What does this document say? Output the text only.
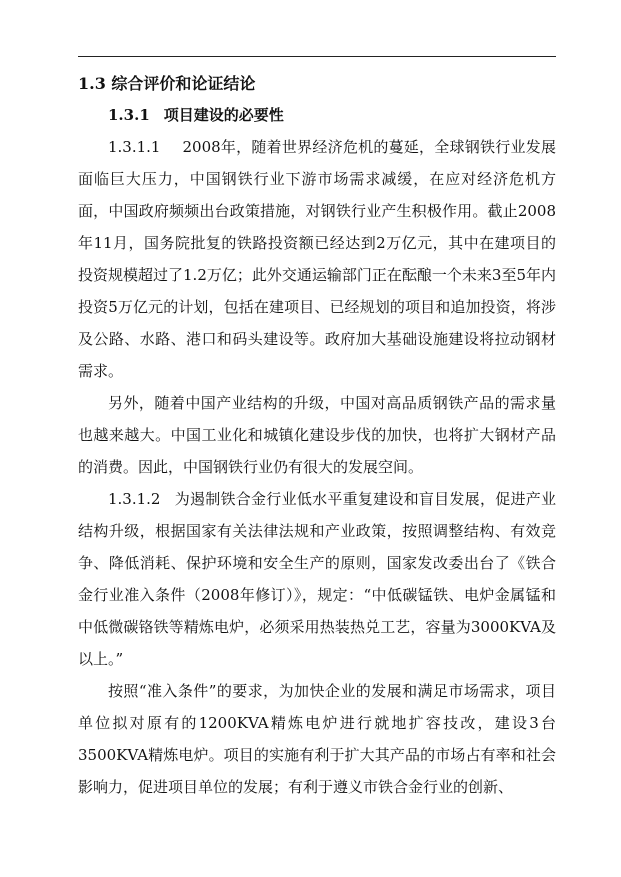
1.3 综合评价和论证结论
1.3.1 项目建设的必要性

1.3.1.1 2008年，随着世界经济危机的蔓延，全球钢铁行业发展面临巨大压力，中国钢铁行业下游市场需求减缓，在应对经济危机方面，中国政府频频出台政策措施，对钢铁行业产生积极作用。截止2008年11月，国务院批复的铁路投资额已经达到2万亿元，其中在建项目的投资规模超过了1.2万亿；此外交通运输部门正在酝酿一个未来3至5年内投资5万亿元的计划，包括在建项目、已经规划的项目和追加投资，将涉及公路、水路、港口和码头建设等。政府加大基础设施建设将拉动钢材需求。

另外，随着中国产业结构的升级，中国对高品质钢铁产品的需求量也越来越大。中国工业化和城镇化建设步伐的加快，也将扩大钢材产品的消费。因此，中国钢铁行业仍有很大的发展空间。

1.3.1.2 为遏制铁合金行业低水平重复建设和盲目发展，促进产业结构升级，根据国家有关法律法规和产业政策，按照调整结构、有效竞争、降低消耗、保护环境和安全生产的原则，国家发改委出台了《铁合金行业准入条件（2008年修订）》，规定：“中低碳锰铁、电炉金属锰和中低微碳铬铁等精炼电炉，必须采用热装热兑工艺，容量为3000KVA及以上。”

按照“准入条件”的要求，为加快企业的发展和满足市场需求，项目单位拟对原有的1200KVA精炼电炉进行就地扩容技改，建设3台3500KVA精炼电炉。项目的实施有利于扩大其产品的市场占有率和社会影响力，促进项目单位的发展；有利于遵义市铁合金行业的创新、
